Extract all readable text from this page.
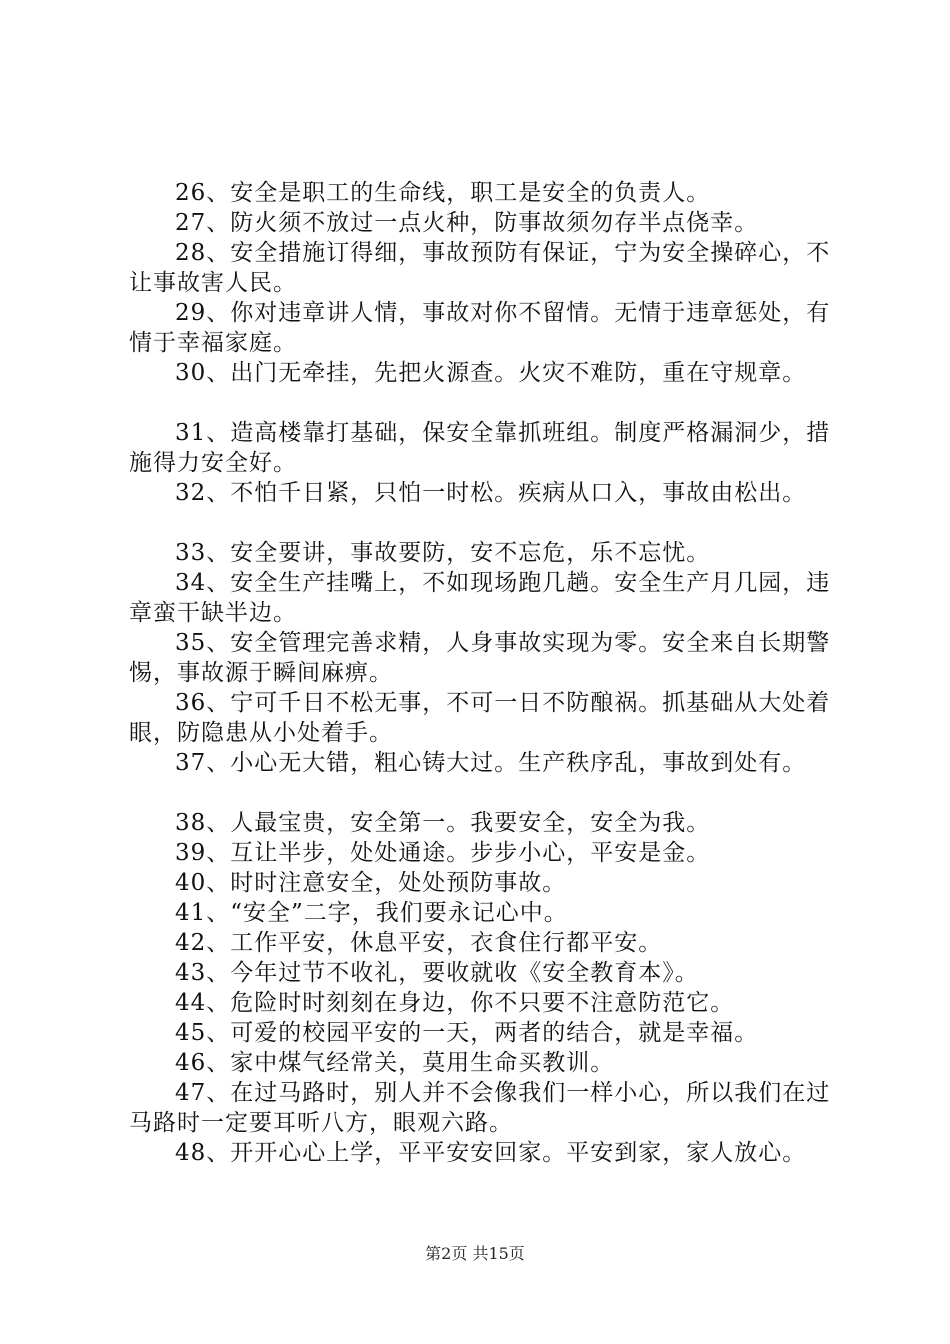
26、安全是职工的生命线，职工是安全的负责人。

27、防火须不放过一点火种，防事故须勿存半点侥幸。

28、安全措施订得细，事故预防有保证，宁为安全操碎心，不让事故害人民。

29、你对违章讲人情，事故对你不留情。无情于违章惩处，有情于幸福家庭。

30、出门无牵挂，先把火源查。火灾不难防，重在守规章。

31、造高楼靠打基础，保安全靠抓班组。制度严格漏洞少，措施得力安全好。

32、不怕千日紧，只怕一时松。疾病从口入，事故由松出。

33、安全要讲，事故要防，安不忘危，乐不忘忧。

34、安全生产挂嘴上，不如现场跑几趟。安全生产月几园，违章蛮干缺半边。

35、安全管理完善求精，人身事故实现为零。安全来自长期警惕，事故源于瞬间麻痹。

36、宁可千日不松无事，不可一日不防酿祸。抓基础从大处着眼，防隐患从小处着手。

37、小心无大错，粗心铸大过。生产秩序乱，事故到处有。

38、人最宝贵，安全第一。我要安全，安全为我。

39、互让半步，处处通途。步步小心，平安是金。

40、时时注意安全，处处预防事故。

41、“安全”二字，我们要永记心中。

42、工作平安，休息平安，衣食住行都平安。

43、今年过节不收礼，要收就收《安全教育本》。

44、危险时时刻刻在身边，你不只要不注意防范它。

45、可爱的校园平安的一天，两者的结合，就是幸福。

46、家中煤气经常关，莫用生命买教训。

47、在过马路时，别人并不会像我们一样小心，所以我们在过马路时一定要耳听八方，眼观六路。

48、开开心心上学，平平安安回家。平安到家，家人放心。

第2页 共15页
